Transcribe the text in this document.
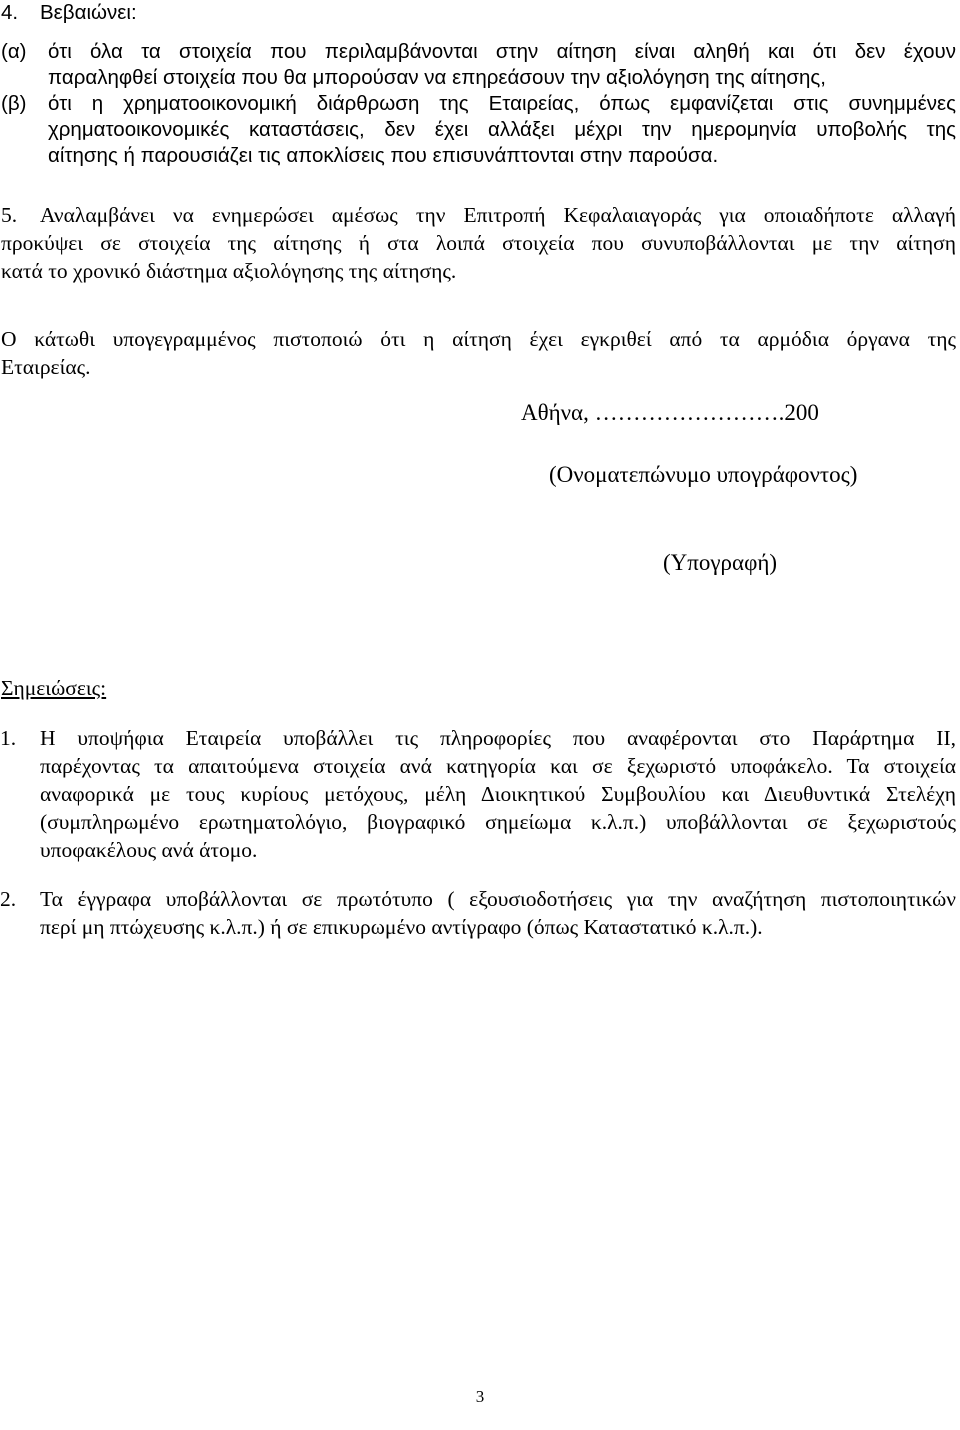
4. Βεβαιώνει:
(α) ότι όλα τα στοιχεία που περιλαμβάνονται στην αίτηση είναι αληθή και ότι δεν έχουν
παραληφθεί στοιχεία που θα μπορούσαν να επηρεάσουν την αξιολόγηση της αίτησης,
(β) ότι η χρηματοοικονομική διάρθρωση της Εταιρείας, όπως εμφανίζεται στις συνημμένες
χρηματοοικονομικές καταστάσεις, δεν έχει αλλάξει μέχρι την ημερομηνία υποβολής της
αίτησης ή παρουσιάζει τις αποκλίσεις που επισυνάπτονται στην παρούσα.
5. Αναλαμβάνει να ενημερώσει αμέσως την Επιτροπή Κεφαλαιαγοράς για οποιαδήποτε αλλαγή
προκύψει σε στοιχεία της αίτησης ή στα λοιπά στοιχεία που συνυποβάλλονται με την αίτηση
κατά το χρονικό διάστημα αξιολόγησης της αίτησης.
Ο κάτωθι υπογεγραμμένος πιστοποιώ ότι η αίτηση έχει εγκριθεί από τα αρμόδια όργανα της
Εταιρείας.
Αθήνα, …………………….200
(Ονοματεπώνυμο υπογράφοντος)
(Υπογραφή)
Σημειώσεις:
1. Η υποψήφια Εταιρεία υποβάλλει τις πληροφορίες που αναφέρονται στο Παράρτημα ΙΙ,
παρέχοντας τα απαιτούμενα στοιχεία ανά κατηγορία και σε ξεχωριστό υποφάκελο. Τα στοιχεία
αναφορικά με τους κυρίους μετόχους, μέλη Διοικητικού Συμβουλίου και Διευθυντικά Στελέχη
(συμπληρωμένο ερωτηματολόγιο, βιογραφικό σημείωμα κ.λ.π.) υποβάλλονται σε ξεχωριστούς
υποφακέλους ανά άτομο.
2. Τα έγγραφα υποβάλλονται σε πρωτότυπο ( εξουσιοδοτήσεις για την αναζήτηση πιστοποιητικών
περί μη πτώχευσης κ.λ.π.) ή σε επικυρωμένο αντίγραφο (όπως Καταστατικό κ.λ.π.).
3
